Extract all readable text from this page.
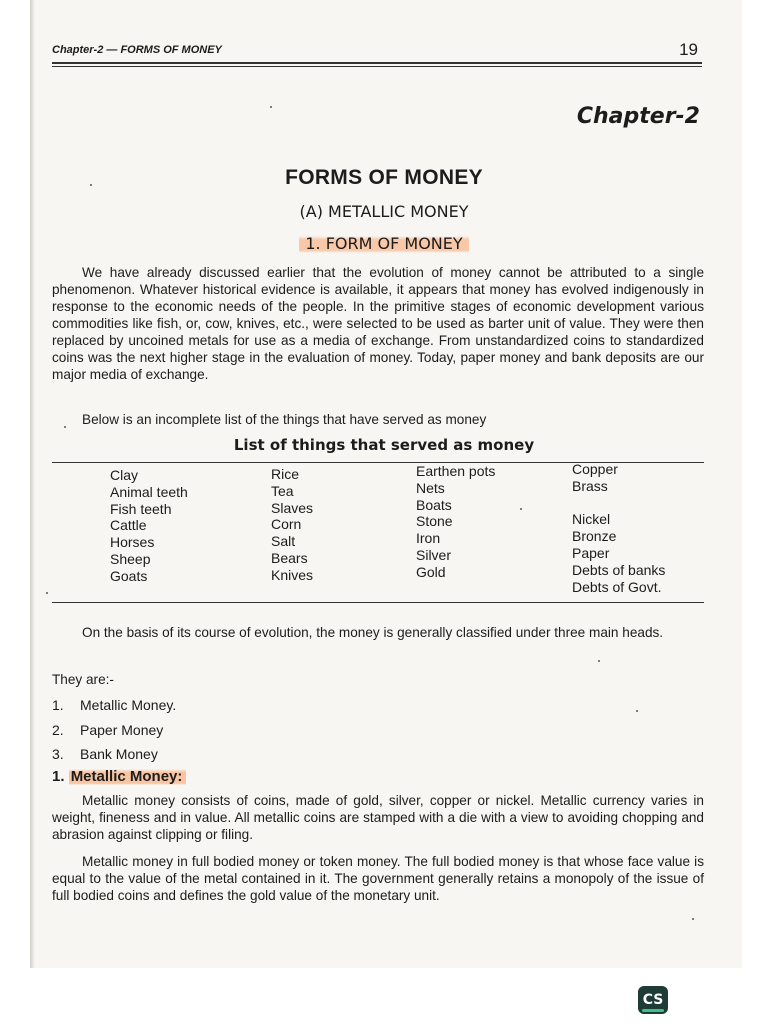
Chapter-2 — FORMS OF MONEY	19
Chapter-2
FORMS OF MONEY
(A) METALLIC MONEY
1. FORM OF MONEY

We have already discussed earlier that the evolution of money cannot be attributed to a single phenomenon. Whatever historical evidence is available, it appears that money has evolved indigenously in response to the economic needs of the people. In the primitive stages of economic development various commodities like fish, or, cow, knives, etc., were selected to be used as barter unit of value. They were then replaced by uncoined metals for use as a media of exchange. From unstandardized coins to standardized coins was the next higher stage in the evaluation of money. Today, paper money and bank deposits are our major media of exchange.

Below is an incomplete list of the things that have served as money
List of things that served as money
Clay
Animal teeth
Fish teeth
Cattle
Horses
Sheep
Goats
Rice
Tea
Slaves
Corn
Salt
Bears
Knives
Earthen pots
Nets
Boats
Stone
Iron
Silver
Gold
Copper
Brass
Nickel
Bronze
Paper
Debts of banks
Debts of Govt.

On the basis of its course of evolution, the money is generally classified under three main heads.

They are:-
1. Metallic Money.
2. Paper Money
3. Bank Money
1. Metallic Money:

Metallic money consists of coins, made of gold, silver, copper or nickel. Metallic currency varies in weight, fineness and in value. All metallic coins are stamped with a die with a view to avoiding chopping and abrasion against clipping or filing.

Metallic money in full bodied money or token money. The full bodied money is that whose face value is equal to the value of the metal contained in it. The government generally retains a monopoly of the issue of full bodied coins and defines the gold value of the monetary unit.

CS
